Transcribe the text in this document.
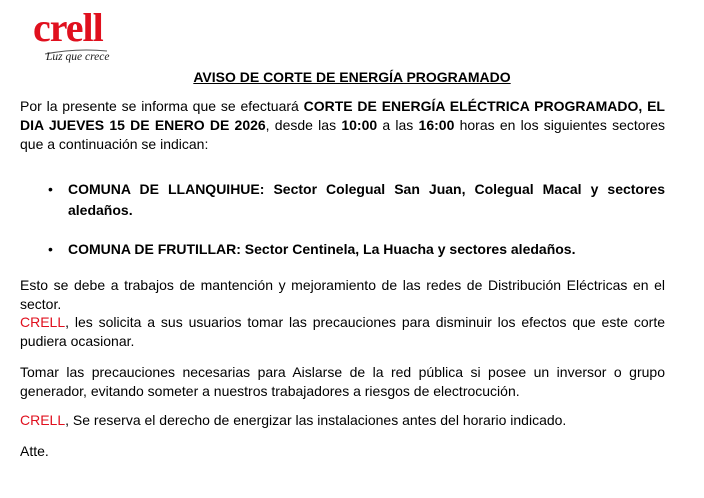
crell
Luz que crece
AVISO DE CORTE DE ENERGÍA PROGRAMADO

Por la presente se informa que se efectuará CORTE DE ENERGÍA ELÉCTRICA PROGRAMADO, EL DIA JUEVES 15 DE ENERO DE 2026, desde las 10:00 a las 16:00 horas en los siguientes sectores que a continuación se indican:

• COMUNA DE LLANQUIHUE: Sector Colegual San Juan, Colegual Macal y sectores aledaños.
• COMUNA DE FRUTILLAR: Sector Centinela, La Huacha y sectores aledaños.

Esto se debe a trabajos de mantención y mejoramiento de las redes de Distribución Eléctricas en el sector.

CRELL, les solicita a sus usuarios tomar las precauciones para disminuir los efectos que este corte pudiera ocasionar.

Tomar las precauciones necesarias para Aislarse de la red pública si posee un inversor o grupo generador, evitando someter a nuestros trabajadores a riesgos de electrocución.

CRELL, Se reserva el derecho de energizar las instalaciones antes del horario indicado.

Atte.
